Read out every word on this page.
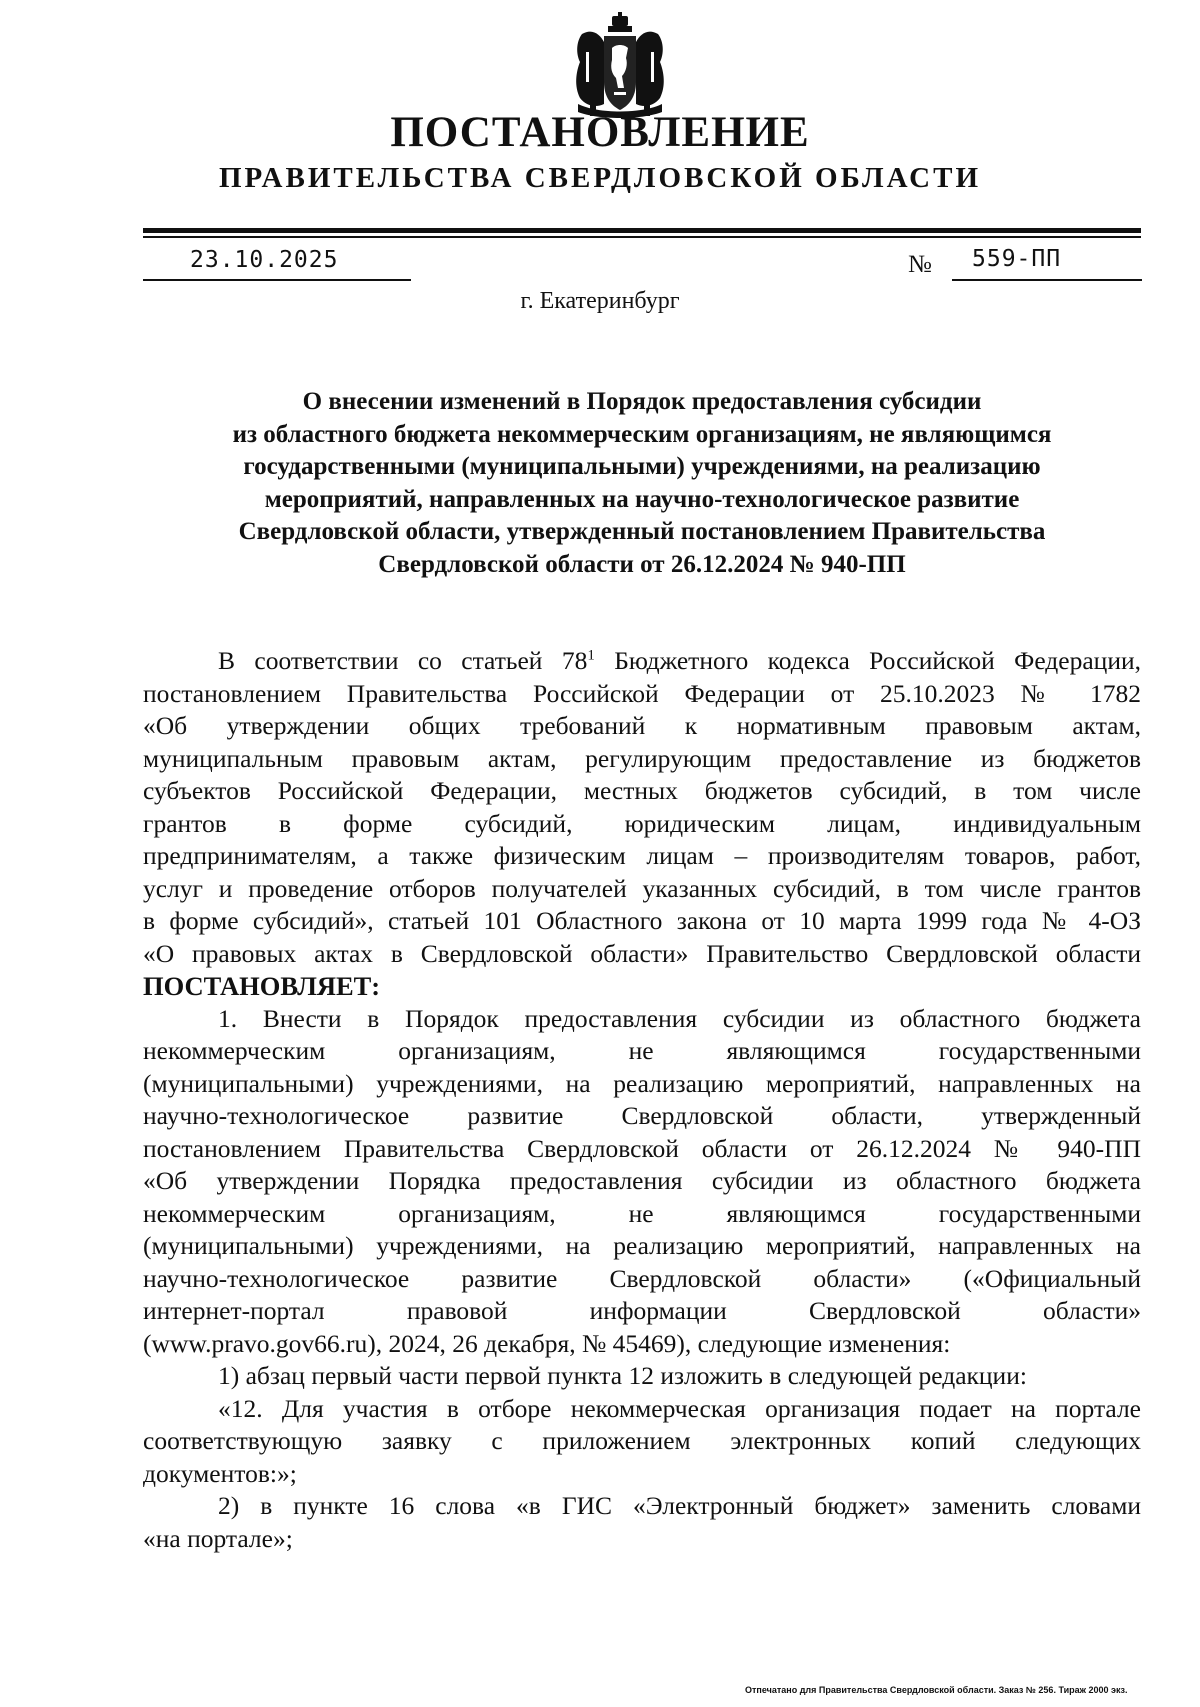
ПОСТАНОВЛЕНИЕ
ПРАВИТЕЛЬСТВА СВЕРДЛОВСКОЙ ОБЛАСТИ
23.10.2025	№ 559-ПП
г. Екатеринбург
О внесении изменений в Порядок предоставления субсидии
из областного бюджета некоммерческим организациям, не являющимся
государственными (муниципальными) учреждениями, на реализацию
мероприятий, направленных на научно-технологическое развитие
Свердловской области, утвержденный постановлением Правительства
Свердловской области от 26.12.2024 № 940-ПП
В соответствии со статьей $78^1$ Бюджетного кодекса Российской Федерации,
постановлением Правительства Российской Федерации от 25.10.2023 № 1782
«Об утверждении общих требований к нормативным правовым актам,
муниципальным правовым актам, регулирующим предоставление из бюджетов
субъектов Российской Федерации, местных бюджетов субсидий, в том числе
грантов в форме субсидий, юридическим лицам, индивидуальным
предпринимателям, а также физическим лицам – производителям товаров, работ,
услуг и проведение отборов получателей указанных субсидий, в том числе грантов
в форме субсидий», статьей 101 Областного закона от 10 марта 1999 года № 4-ОЗ
«О правовых актах в Свердловской области» Правительство Свердловской области
ПОСТАНОВЛЯЕТ:
1. Внести в Порядок предоставления субсидии из областного бюджета
некоммерческим организациям, не являющимся государственными
(муниципальными) учреждениями, на реализацию мероприятий, направленных на
научно-технологическое развитие Свердловской области, утвержденный
постановлением Правительства Свердловской области от 26.12.2024 № 940-ПП
«Об утверждении Порядка предоставления субсидии из областного бюджета
некоммерческим организациям, не являющимся государственными
(муниципальными) учреждениями, на реализацию мероприятий, направленных на
научно-технологическое развитие Свердловской области» («Официальный
интернет-портал правовой информации Свердловской области»
(www.pravo.gov66.ru), 2024, 26 декабря, № 45469), следующие изменения:
1) абзац первый части первой пункта 12 изложить в следующей редакции:
«12. Для участия в отборе некоммерческая организация подает на портале
соответствующую заявку с приложением электронных копий следующих
документов:»;
2) в пункте 16 слова «в ГИС «Электронный бюджет» заменить словами
«на портале»;
Отпечатано для Правительства Свердловской области. Заказ № 256. Тираж 2000 экз.
